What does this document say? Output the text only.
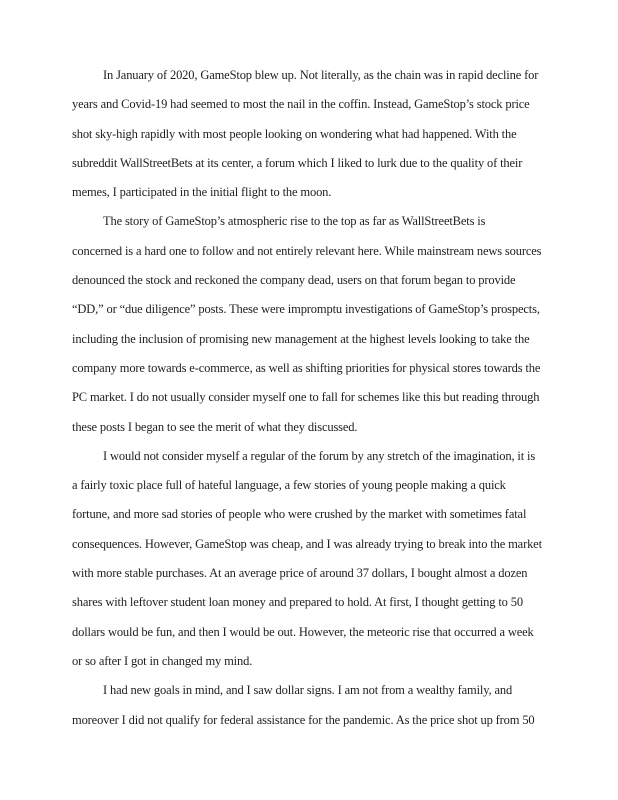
In January of 2020, GameStop blew up. Not literally, as the chain was in rapid decline for
years and Covid-19 had seemed to most the nail in the coffin. Instead, GameStop’s stock price
shot sky-high rapidly with most people looking on wondering what had happened. With the
subreddit WallStreetBets at its center, a forum which I liked to lurk due to the quality of their
memes, I participated in the initial flight to the moon.
The story of GameStop’s atmospheric rise to the top as far as WallStreetBets is
concerned is a hard one to follow and not entirely relevant here. While mainstream news sources
denounced the stock and reckoned the company dead, users on that forum began to provide
“DD,” or “due diligence” posts. These were impromptu investigations of GameStop’s prospects,
including the inclusion of promising new management at the highest levels looking to take the
company more towards e-commerce, as well as shifting priorities for physical stores towards the
PC market. I do not usually consider myself one to fall for schemes like this but reading through
these posts I began to see the merit of what they discussed.
I would not consider myself a regular of the forum by any stretch of the imagination, it is
a fairly toxic place full of hateful language, a few stories of young people making a quick
fortune, and more sad stories of people who were crushed by the market with sometimes fatal
consequences. However, GameStop was cheap, and I was already trying to break into the market
with more stable purchases. At an average price of around 37 dollars, I bought almost a dozen
shares with leftover student loan money and prepared to hold. At first, I thought getting to 50
dollars would be fun, and then I would be out. However, the meteoric rise that occurred a week
or so after I got in changed my mind.
I had new goals in mind, and I saw dollar signs. I am not from a wealthy family, and
moreover I did not qualify for federal assistance for the pandemic. As the price shot up from 50
